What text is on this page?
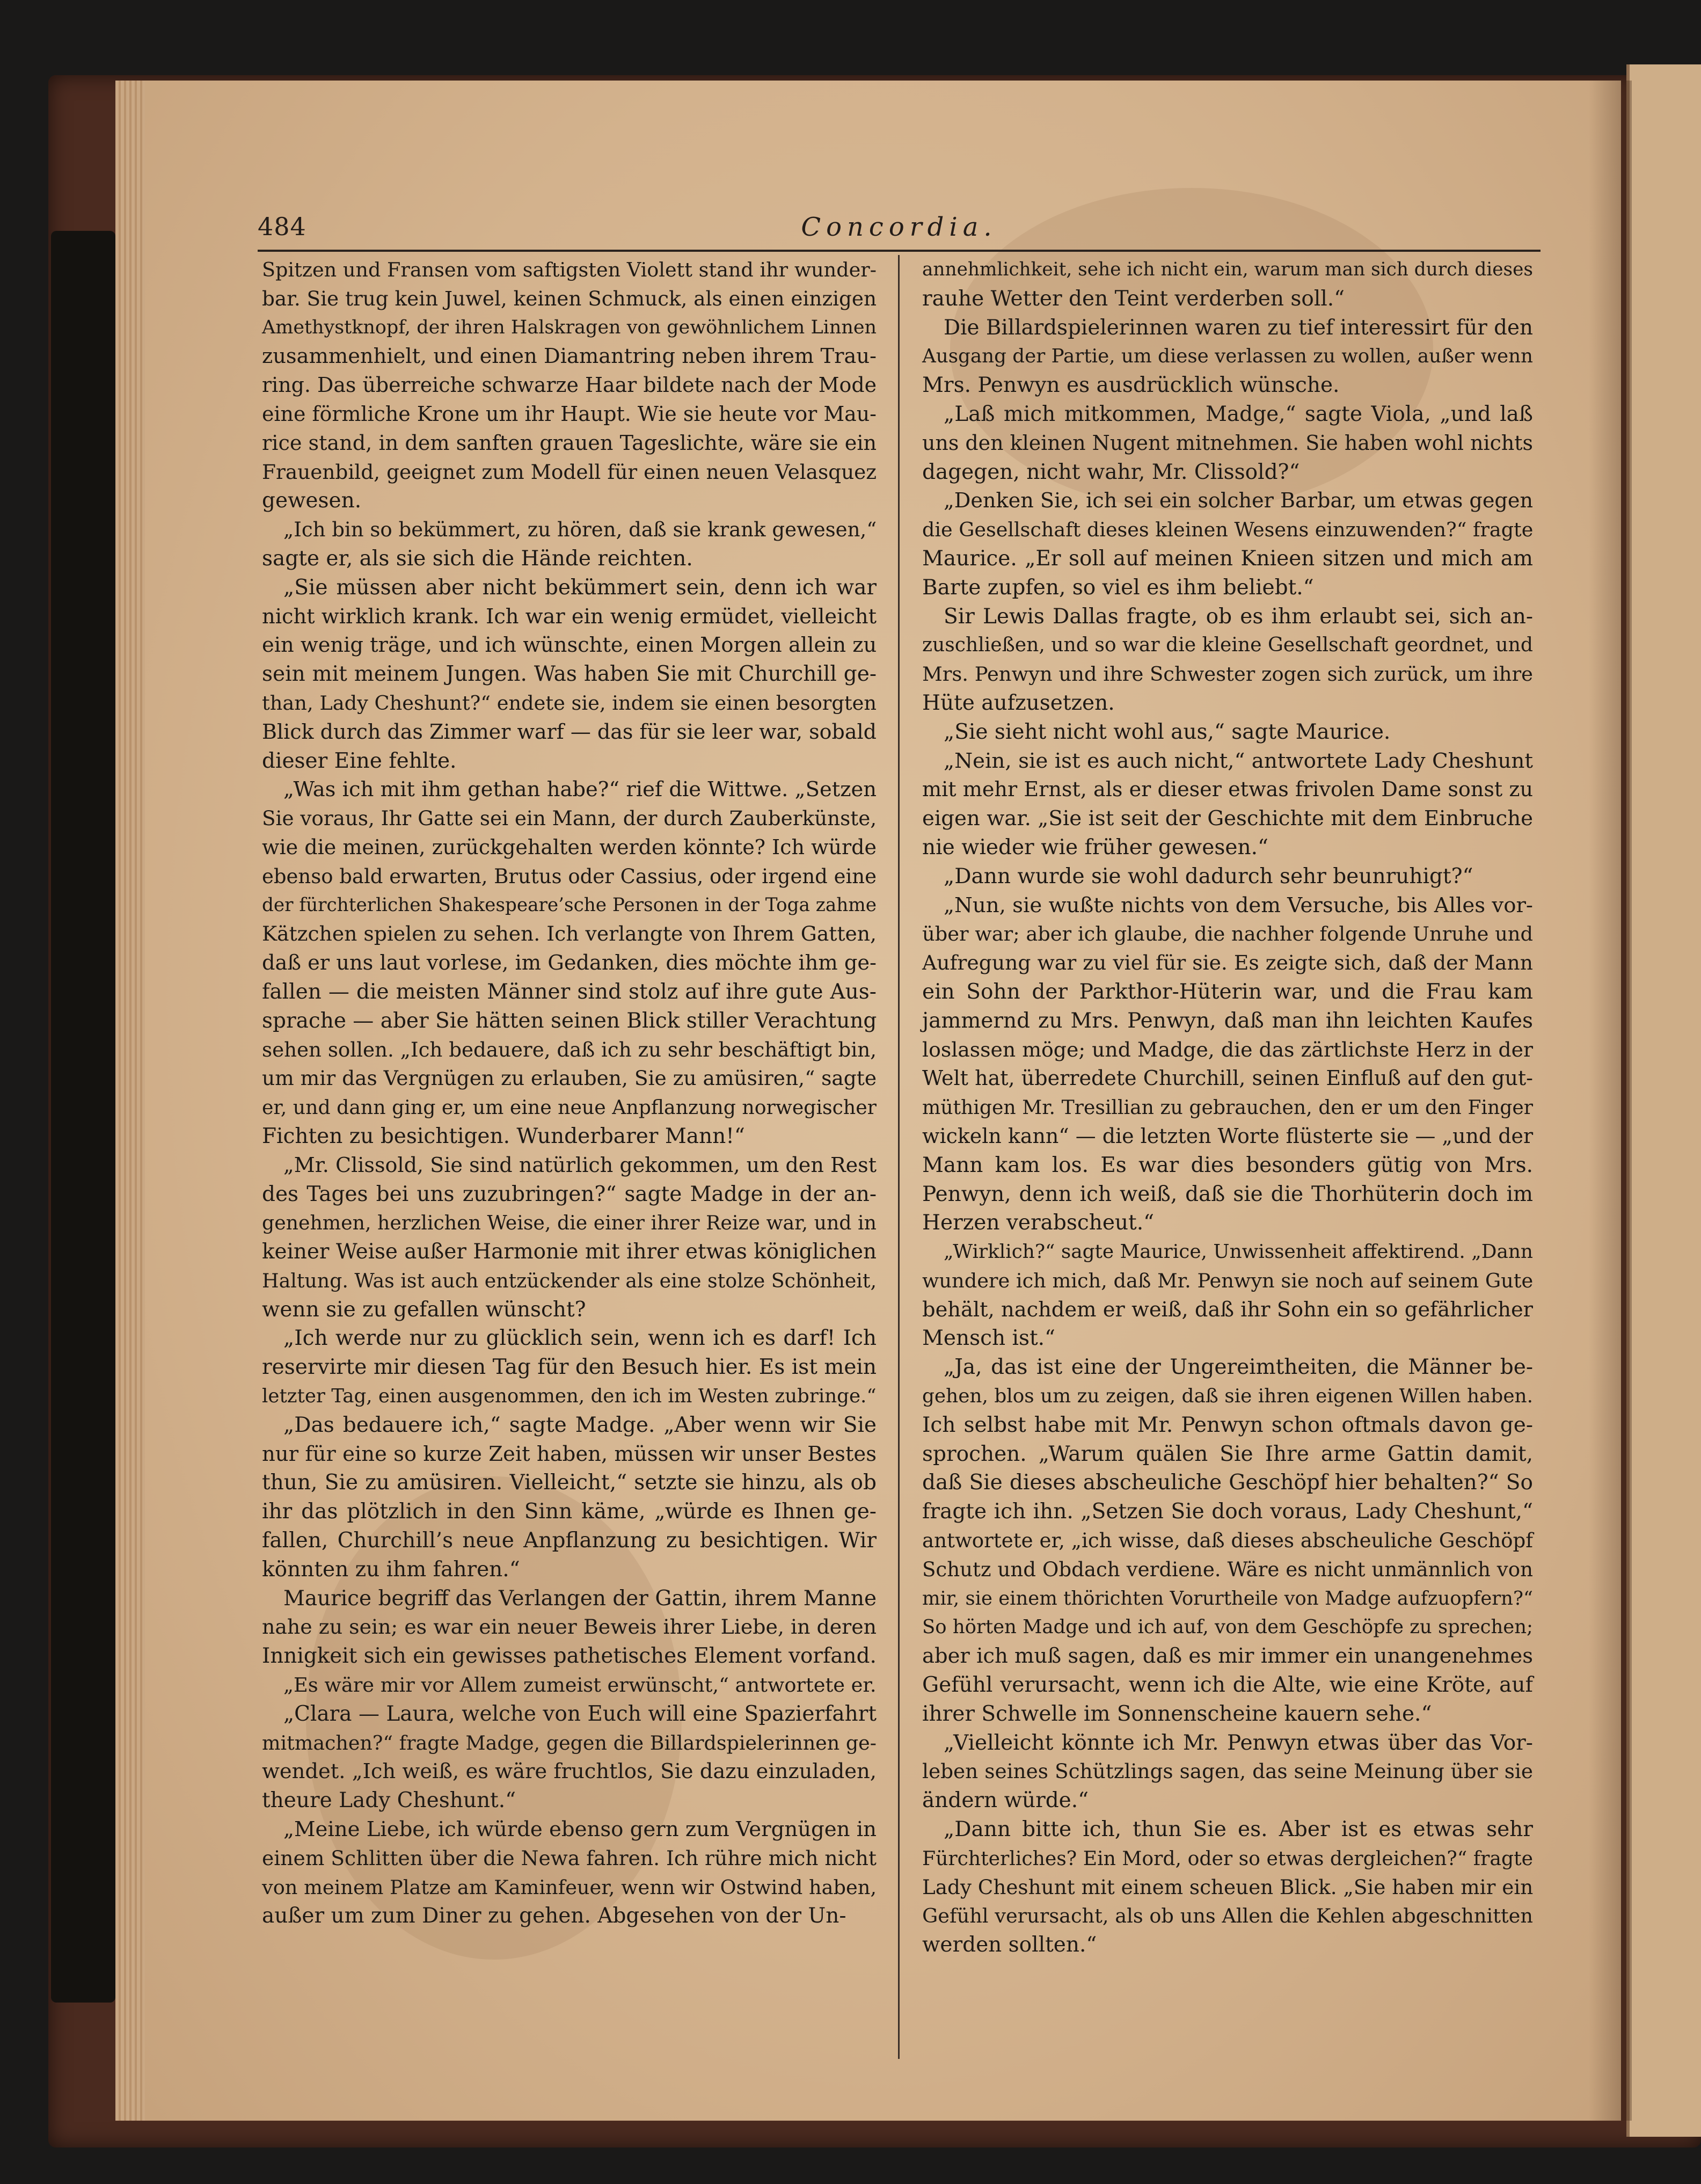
484	Concordia.

Spitzen und Fransen vom saftigsten Violett stand ihr wunder-
bar. Sie trug kein Juwel, keinen Schmuck, als einen einzigen
Amethystknopf, der ihren Halskragen von gewöhnlichem Linnen
zusammenhielt, und einen Diamantring neben ihrem Trau-
ring. Das überreiche schwarze Haar bildete nach der Mode
eine förmliche Krone um ihr Haupt. Wie sie heute vor Mau-
rice stand, in dem sanften grauen Tageslichte, wäre sie ein
Frauenbild, geeignet zum Modell für einen neuen Velasquez
gewesen.

„Ich bin so bekümmert, zu hören, daß sie krank gewesen,“
sagte er, als sie sich die Hände reichten.

„Sie müssen aber nicht bekümmert sein, denn ich war
nicht wirklich krank. Ich war ein wenig ermüdet, vielleicht
ein wenig träge, und ich wünschte, einen Morgen allein zu
sein mit meinem Jungen. Was haben Sie mit Churchill ge-
than, Lady Cheshunt?“ endete sie, indem sie einen besorgten
Blick durch das Zimmer warf — das für sie leer war, sobald
dieser Eine fehlte.

„Was ich mit ihm gethan habe?“ rief die Wittwe. „Setzen
Sie voraus, Ihr Gatte sei ein Mann, der durch Zauberkünste,
wie die meinen, zurückgehalten werden könnte? Ich würde
ebenso bald erwarten, Brutus oder Cassius, oder irgend eine
der fürchterlichen Shakespeare’sche Personen in der Toga zahme
Kätzchen spielen zu sehen. Ich verlangte von Ihrem Gatten,
daß er uns laut vorlese, im Gedanken, dies möchte ihm ge-
fallen — die meisten Männer sind stolz auf ihre gute Aus-
sprache — aber Sie hätten seinen Blick stiller Verachtung
sehen sollen. „Ich bedauere, daß ich zu sehr beschäftigt bin,
um mir das Vergnügen zu erlauben, Sie zu amüsiren,“ sagte
er, und dann ging er, um eine neue Anpflanzung norwegischer
Fichten zu besichtigen. Wunderbarer Mann!“

„Mr. Clissold, Sie sind natürlich gekommen, um den Rest
des Tages bei uns zuzubringen?“ sagte Madge in der an-
genehmen, herzlichen Weise, die einer ihrer Reize war, und in
keiner Weise außer Harmonie mit ihrer etwas königlichen
Haltung. Was ist auch entzückender als eine stolze Schönheit,
wenn sie zu gefallen wünscht?

„Ich werde nur zu glücklich sein, wenn ich es darf! Ich
reservirte mir diesen Tag für den Besuch hier. Es ist mein
letzter Tag, einen ausgenommen, den ich im Westen zubringe.“

„Das bedauere ich,“ sagte Madge. „Aber wenn wir Sie
nur für eine so kurze Zeit haben, müssen wir unser Bestes
thun, Sie zu amüsiren. Vielleicht,“ setzte sie hinzu, als ob
ihr das plötzlich in den Sinn käme, „würde es Ihnen ge-
fallen, Churchill’s neue Anpflanzung zu besichtigen. Wir
könnten zu ihm fahren.“

Maurice begriff das Verlangen der Gattin, ihrem Manne
nahe zu sein; es war ein neuer Beweis ihrer Liebe, in deren
Innigkeit sich ein gewisses pathetisches Element vorfand.

„Es wäre mir vor Allem zumeist erwünscht,“ antwortete er.

„Clara — Laura, welche von Euch will eine Spazierfahrt
mitmachen?“ fragte Madge, gegen die Billardspielerinnen ge-
wendet. „Ich weiß, es wäre fruchtlos, Sie dazu einzuladen,
theure Lady Cheshunt.“

„Meine Liebe, ich würde ebenso gern zum Vergnügen in
einem Schlitten über die Newa fahren. Ich rühre mich nicht
von meinem Platze am Kaminfeuer, wenn wir Ostwind haben,
außer um zum Diner zu gehen. Abgesehen von der Un-

annehmlichkeit, sehe ich nicht ein, warum man sich durch dieses
rauhe Wetter den Teint verderben soll.“

Die Billardspielerinnen waren zu tief interessirt für den
Ausgang der Partie, um diese verlassen zu wollen, außer wenn
Mrs. Penwyn es ausdrücklich wünsche.

„Laß mich mitkommen, Madge,“ sagte Viola, „und laß
uns den kleinen Nugent mitnehmen. Sie haben wohl nichts
dagegen, nicht wahr, Mr. Clissold?“

„Denken Sie, ich sei ein solcher Barbar, um etwas gegen
die Gesellschaft dieses kleinen Wesens einzuwenden?“ fragte
Maurice. „Er soll auf meinen Knieen sitzen und mich am
Barte zupfen, so viel es ihm beliebt.“

Sir Lewis Dallas fragte, ob es ihm erlaubt sei, sich an-
zuschließen, und so war die kleine Gesellschaft geordnet, und
Mrs. Penwyn und ihre Schwester zogen sich zurück, um ihre
Hüte aufzusetzen.

„Sie sieht nicht wohl aus,“ sagte Maurice.

„Nein, sie ist es auch nicht,“ antwortete Lady Cheshunt
mit mehr Ernst, als er dieser etwas frivolen Dame sonst zu
eigen war. „Sie ist seit der Geschichte mit dem Einbruche
nie wieder wie früher gewesen.“

„Dann wurde sie wohl dadurch sehr beunruhigt?“

„Nun, sie wußte nichts von dem Versuche, bis Alles vor-
über war; aber ich glaube, die nachher folgende Unruhe und
Aufregung war zu viel für sie. Es zeigte sich, daß der Mann
ein Sohn der Parkthor-Hüterin war, und die Frau kam
jammernd zu Mrs. Penwyn, daß man ihn leichten Kaufes
loslassen möge; und Madge, die das zärtlichste Herz in der
Welt hat, überredete Churchill, seinen Einfluß auf den gut-
müthigen Mr. Tresillian zu gebrauchen, den er um den Finger
wickeln kann“ — die letzten Worte flüsterte sie — „und der
Mann kam los. Es war dies besonders gütig von Mrs.
Penwyn, denn ich weiß, daß sie die Thorhüterin doch im
Herzen verabscheut.“

„Wirklich?“ sagte Maurice, Unwissenheit affektirend. „Dann
wundere ich mich, daß Mr. Penwyn sie noch auf seinem Gute
behält, nachdem er weiß, daß ihr Sohn ein so gefährlicher
Mensch ist.“

„Ja, das ist eine der Ungereimtheiten, die Männer be-
gehen, blos um zu zeigen, daß sie ihren eigenen Willen haben.
Ich selbst habe mit Mr. Penwyn schon oftmals davon ge-
sprochen. „Warum quälen Sie Ihre arme Gattin damit,
daß Sie dieses abscheuliche Geschöpf hier behalten?“ So
fragte ich ihn. „Setzen Sie doch voraus, Lady Cheshunt,“
antwortete er, „ich wisse, daß dieses abscheuliche Geschöpf
Schutz und Obdach verdiene. Wäre es nicht unmännlich von
mir, sie einem thörichten Vorurtheile von Madge aufzuopfern?“
So hörten Madge und ich auf, von dem Geschöpfe zu sprechen;
aber ich muß sagen, daß es mir immer ein unangenehmes
Gefühl verursacht, wenn ich die Alte, wie eine Kröte, auf
ihrer Schwelle im Sonnenscheine kauern sehe.“

„Vielleicht könnte ich Mr. Penwyn etwas über das Vor-
leben seines Schützlings sagen, das seine Meinung über sie
ändern würde.“

„Dann bitte ich, thun Sie es. Aber ist es etwas sehr
Fürchterliches? Ein Mord, oder so etwas dergleichen?“ fragte
Lady Cheshunt mit einem scheuen Blick. „Sie haben mir ein
Gefühl verursacht, als ob uns Allen die Kehlen abgeschnitten
werden sollten.“
